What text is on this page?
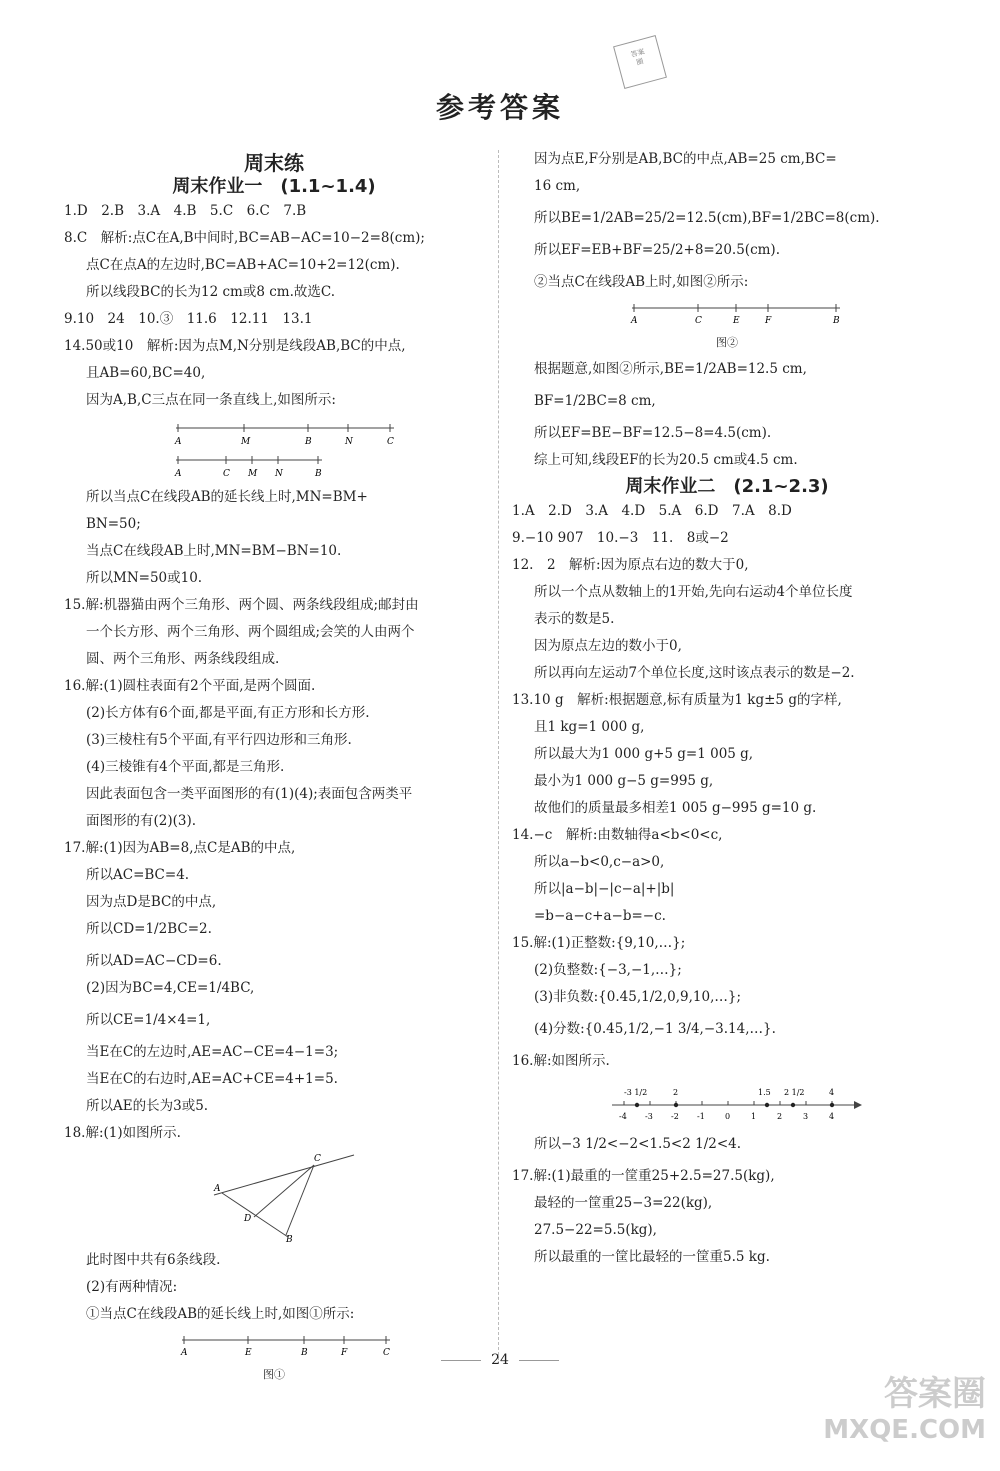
答案
圈
参考答案
周末练
周末作业一　(1.1~1.4)
1.D　2.B　3.A　4.B　5.C　6.C　7.B
8.C　解析:点C在A,B中间时,BC=AB−AC=10−2=8(cm);
点C在点A的左边时,BC=AB+AC=10+2=12(cm).
所以线段BC的长为12 cm或8 cm.故选C.
9.10　24　10.③　11.6　12.11　13.1
14.50或10　解析:因为点M,N分别是线段AB,BC的中点,
且AB=60,BC=40,
因为A,B,C三点在同一条直线上,如图所示:
A	M	B	N	C
A	C M N	B
所以当点C在线段AB的延长线上时,MN=BM+
BN=50;
当点C在线段AB上时,MN=BM−BN=10.
所以MN=50或10.
15.解:机器猫由两个三角形、两个圆、两条线段组成;邮封由
一个长方形、两个三角形、两个圆组成;会笑的人由两个
圆、两个三角形、两条线段组成.
16.解:(1)圆柱表面有2个平面,是两个圆面.
(2)长方体有6个面,都是平面,有正方形和长方形.
(3)三棱柱有5个平面,有平行四边形和三角形.
(4)三棱锥有4个平面,都是三角形.
因此表面包含一类平面图形的有(1)(4);表面包含两类平
面图形的有(2)(3).
17.解:(1)因为AB=8,点C是AB的中点,
所以AC=BC=4.
因为点D是BC的中点,
所以CD=1/2BC=2.
所以AD=AC−CD=6.
(2)因为BC=4,CE=1/4BC,
所以CE=1/4×4=1,
当E在C的左边时,AE=AC−CE=4−1=3;
当E在C的右边时,AE=AC+CE=4+1=5.
所以AE的长为3或5.
18.解:(1)如图所示.
A
C
D
B
此时图中共有6条线段.
(2)有两种情况:
①当点C在线段AB的延长线上时,如图①所示:
A	E	B	F	C
图①
因为点E,F分别是AB,BC的中点,AB=25 cm,BC=
16 cm,
所以BE=1/2AB=25/2=12.5(cm),BF=1/2BC=8(cm).
所以EF=EB+BF=25/2+8=20.5(cm).
②当点C在线段AB上时,如图②所示:
A	C	E	F	B
图②
根据题意,如图②所示,BE=1/2AB=12.5 cm,
BF=1/2BC=8 cm,
所以EF=BE−BF=12.5−8=4.5(cm).
综上可知,线段EF的长为20.5 cm或4.5 cm.
周末作业二　(2.1~2.3)
1.A　2.D　3.A　4.D　5.A　6.D　7.A　8.D
9.−10 907　10.−3　11.　8或−2
12.　2　解析:因为原点右边的数大于0,
所以一个点从数轴上的1开始,先向右运动4个单位长度
表示的数是5.
因为原点左边的数小于0,
所以再向左运动7个单位长度,这时该点表示的数是−2.
13.10 g　解析:根据题意,标有质量为1 kg±5 g的字样,
且1 kg=1 000 g,
所以最大为1 000 g+5 g=1 005 g,
最小为1 000 g−5 g=995 g,
故他们的质量最多相差1 005 g−995 g=10 g.
14.−c　解析:由数轴得a<b<0<c,
所以a−b<0,c−a>0,
所以|a−b|−|c−a|+|b|
=b−a−c+a−b=−c.
15.解:(1)正整数:{9,10,…};
(2)负整数:{−3,−1,…};
(3)非负数:{0.45,1/2,0,9,10,…};
(4)分数:{0.45,1/2,−1 3/4,−3.14,…}.
16.解:如图所示.
-4 -3 -2 -1	0	1	2	3	4
-3 1/2	2	1.5 2 1/2	4
所以−3 1/2<−2<1.5<2 1/2<4.
17.解:(1)最重的一筐重25+2.5=27.5(kg),
最轻的一筐重25−3=22(kg),
27.5−22=5.5(kg),
所以最重的一筐比最轻的一筐重5.5 kg.
24
答案圈
MXQE.COM
